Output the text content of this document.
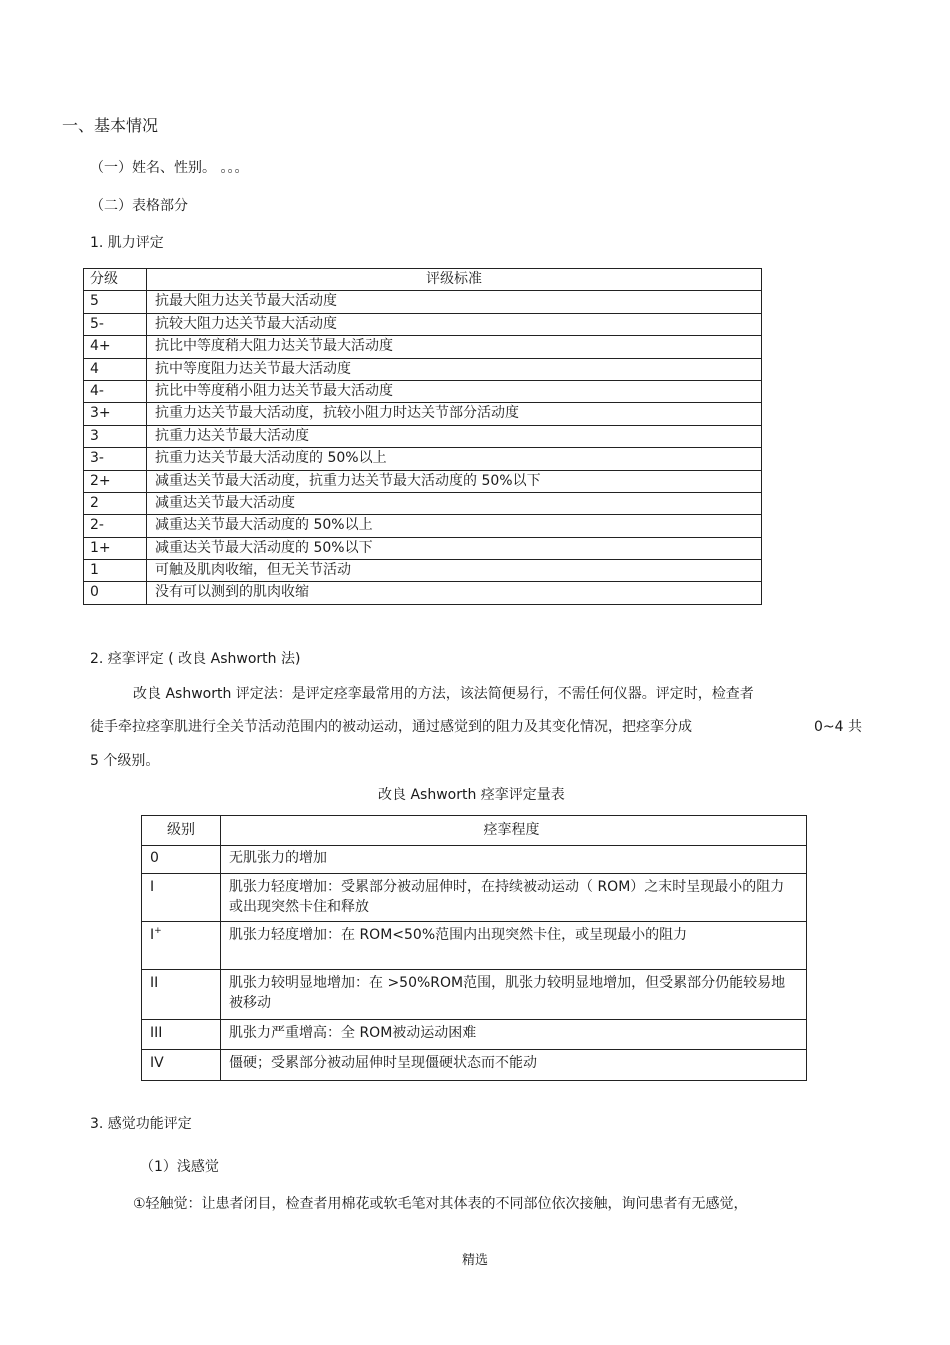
一、基本情况
（一）姓名、性别。 。。。
（二）表格部分
1. 肌力评定
分级	评级标准
5	抗最大阻力达关节最大活动度
5-	抗较大阻力达关节最大活动度
4+	抗比中等度稍大阻力达关节最大活动度
4	抗中等度阻力达关节最大活动度
4-	抗比中等度稍小阻力达关节最大活动度
3+	抗重力达关节最大活动度，抗较小阻力时达关节部分活动度
3	抗重力达关节最大活动度
3-	抗重力达关节最大活动度的 50%以上
2+	减重达关节最大活动度，抗重力达关节最大活动度的 50%以下
2	减重达关节最大活动度
2-	减重达关节最大活动度的 50%以上
1+	减重达关节最大活动度的 50%以下
1	可触及肌肉收缩，但无关节活动
0	没有可以测到的肌肉收缩
2. 痉挛评定 ( 改良 Ashworth 法)
改良 Ashworth 评定法：是评定痉挛最常用的方法，该法简便易行，不需任何仪器。评定时，检查者
徒手牵拉痉挛肌进行全关节活动范围内的被动运动，通过感觉到的阻力及其变化情况，把痉挛分成	0~4 共
5 个级别。
改良 Ashworth 痉挛评定量表
级别	痉挛程度
0	无肌张力的增加
I	肌张力轻度增加：受累部分被动屈伸时，在持续被动运动（ ROM）之末时呈现最小的阻力或出现突然卡住和释放
I+	肌张力轻度增加：在 ROM<50%范围内出现突然卡住，或呈现最小的阻力
II	肌张力较明显地增加：在 >50%ROM范围，肌张力较明显地增加，但受累部分仍能较易地被移动
III	肌张力严重增高：全 ROM被动运动困难
IV	僵硬；受累部分被动屈伸时呈现僵硬状态而不能动
3. 感觉功能评定
（1）浅感觉
①轻触觉：让患者闭目，检查者用棉花或软毛笔对其体表的不同部位依次接触，询问患者有无感觉，
精选
